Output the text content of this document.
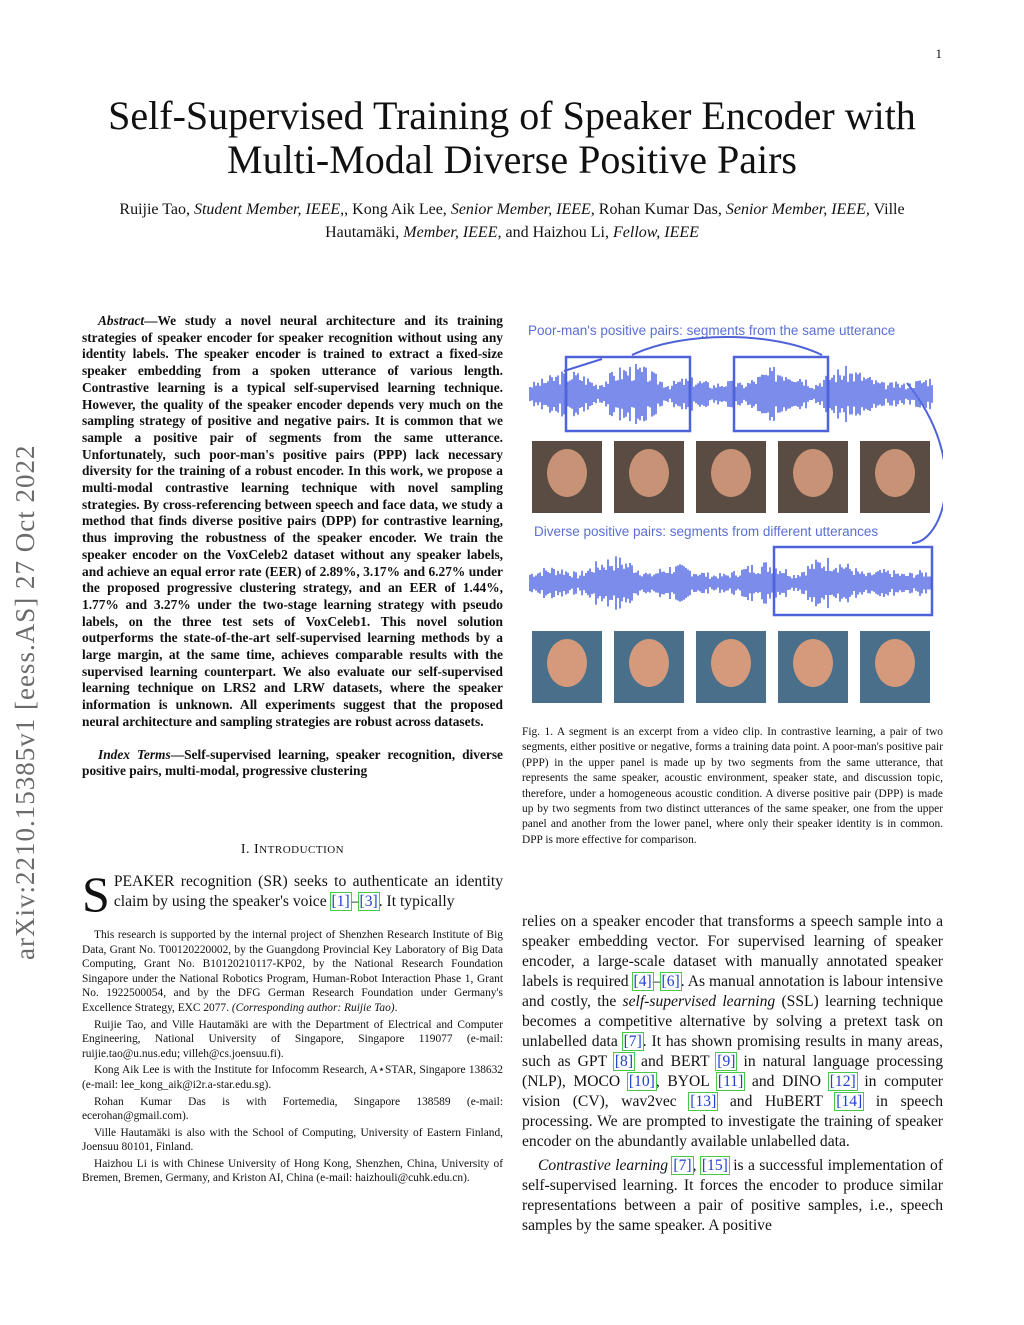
1
arXiv:2210.15385v1 [eess.AS] 27 Oct 2022
Self-Supervised Training of Speaker Encoder with Multi-Modal Diverse Positive Pairs
Ruijie Tao, Student Member, IEEE,, Kong Aik Lee, Senior Member, IEEE, Rohan Kumar Das, Senior Member, IEEE, Ville Hautamäki, Member, IEEE, and Haizhou Li, Fellow, IEEE

Abstract—We study a novel neural architecture and its training strategies of speaker encoder for speaker recognition without using any identity labels. The speaker encoder is trained to extract a fixed-size speaker embedding from a spoken utterance of various length. Contrastive learning is a typical self-supervised learning technique. However, the quality of the speaker encoder depends very much on the sampling strategy of positive and negative pairs. It is common that we sample a positive pair of segments from the same utterance. Unfortunately, such poor-man's positive pairs (PPP) lack necessary diversity for the training of a robust encoder. In this work, we propose a multi-modal contrastive learning technique with novel sampling strategies. By cross-referencing between speech and face data, we study a method that finds diverse positive pairs (DPP) for contrastive learning, thus improving the robustness of the speaker encoder. We train the speaker encoder on the VoxCeleb2 dataset without any speaker labels, and achieve an equal error rate (EER) of 2.89%, 3.17% and 6.27% under the proposed progressive clustering strategy, and an EER of 1.44%, 1.77% and 3.27% under the two-stage learning strategy with pseudo labels, on the three test sets of VoxCeleb1. This novel solution outperforms the state-of-the-art self-supervised learning methods by a large margin, at the same time, achieves comparable results with the supervised learning counterpart. We also evaluate our self-supervised learning technique on LRS2 and LRW datasets, where the speaker information is unknown. All experiments suggest that the proposed neural architecture and sampling strategies are robust across datasets.

Index Terms—Self-supervised learning, speaker recognition, diverse positive pairs, multi-modal, progressive clustering

I. INTRODUCTION

SPEAKER recognition (SR) seeks to authenticate an identity claim by using the speaker's voice [1]–[3]. It typically

This research is supported by the internal project of Shenzhen Research Institute of Big Data, Grant No. T00120220002, by the Guangdong Provincial Key Laboratory of Big Data Computing, Grant No. B10120210117-KP02, by the National Research Foundation Singapore under the National Robotics Program, Human-Robot Interaction Phase 1, Grant No. 1922500054, and by the DFG German Research Foundation under Germany's Excellence Strategy, EXC 2077. (Corresponding author: Ruijie Tao).

Ruijie Tao, and Ville Hautamäki are with the Department of Electrical and Computer Engineering, National University of Singapore, Singapore 119077 (e-mail: ruijie.tao@u.nus.edu; villeh@cs.joensuu.fi).

Kong Aik Lee is with the Institute for Infocomm Research, A⋆STAR, Singapore 138632 (e-mail: lee_kong_aik@i2r.a-star.edu.sg).

Rohan Kumar Das is with Fortemedia, Singapore 138589 (e-mail: ecerohan@gmail.com).

Ville Hautamäki is also with the School of Computing, University of Eastern Finland, Joensuu 80101, Finland.

Haizhou Li is with Chinese University of Hong Kong, Shenzhen, China, University of Bremen, Bremen, Germany, and Kriston AI, China (e-mail: haizhouli@cuhk.edu.cn).

Poor-man's positive pairs: segments from the same utterance
Diverse positive pairs: segments from different utterances
Fig. 1. A segment is an excerpt from a video clip. In contrastive learning, a pair of two segments, either positive or negative, forms a training data point. A poor-man's positive pair (PPP) in the upper panel is made up by two segments from the same utterance, that represents the same speaker, acoustic environment, speaker state, and discussion topic, therefore, under a homogeneous acoustic condition. A diverse positive pair (DPP) is made up by two segments from two distinct utterances of the same speaker, one from the upper panel and another from the lower panel, where only their speaker identity is in common. DPP is more effective for comparison.

relies on a speaker encoder that transforms a speech sample into a speaker embedding vector. For supervised learning of speaker encoder, a large-scale dataset with manually annotated speaker labels is required [4]–[6]. As manual annotation is labour intensive and costly, the self-supervised learning (SSL) learning technique becomes a competitive alternative by solving a pretext task on unlabelled data [7]. It has shown promising results in many areas, such as GPT [8] and BERT [9] in natural language processing (NLP), MOCO [10], BYOL [11] and DINO [12] in computer vision (CV), wav2vec [13] and HuBERT [14] in speech processing. We are prompted to investigate the training of speaker encoder on the abundantly available unlabelled data.

Contrastive learning [7], [15] is a successful implementation of self-supervised learning. It forces the encoder to produce similar representations between a pair of positive samples, i.e., speech samples by the same speaker. A positive
